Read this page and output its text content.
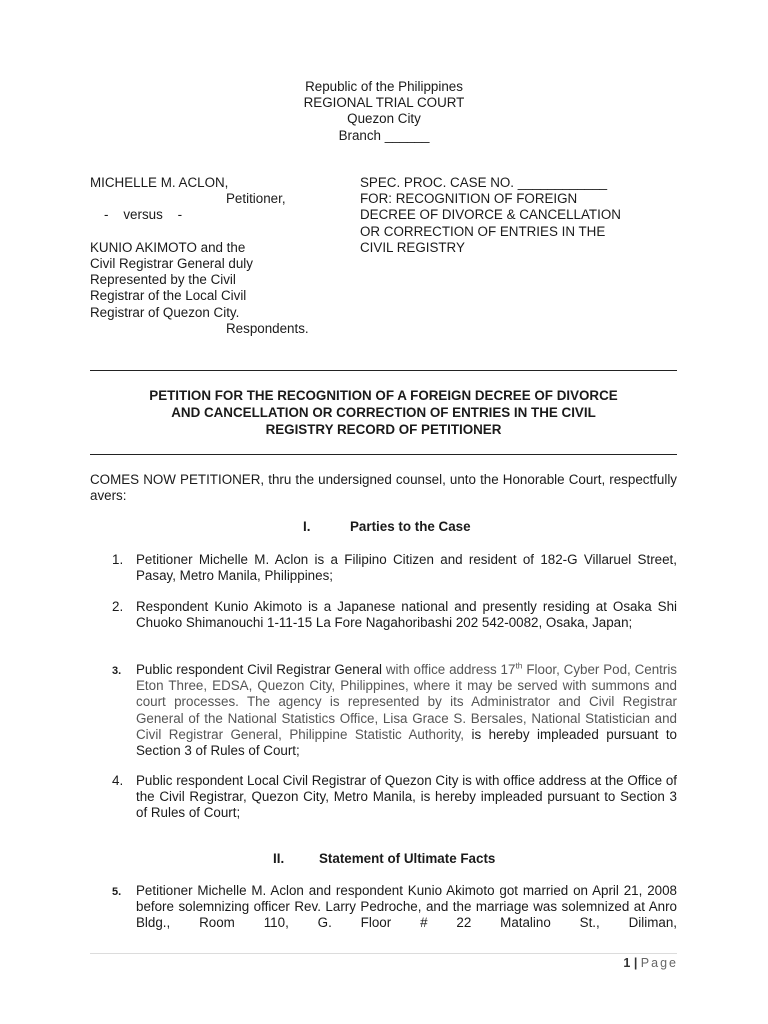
Republic of the Philippines
REGIONAL TRIAL COURT
Quezon City
Branch ______
MICHELLE M. ACLON,
Petitioner,
-    versus    -
KUNIO AKIMOTO and the
Civil Registrar General duly
Represented by the Civil
Registrar of the Local Civil
Registrar of Quezon City.
Respondents.
SPEC. PROC. CASE NO. ____________
FOR: RECOGNITION OF FOREIGN
DECREE OF DIVORCE & CANCELLATION
OR CORRECTION OF ENTRIES IN THE
CIVIL REGISTRY
PETITION FOR THE RECOGNITION OF A FOREIGN DECREE OF DIVORCE
AND CANCELLATION OR CORRECTION OF ENTRIES IN THE CIVIL
REGISTRY RECORD OF PETITIONER
COMES NOW PETITIONER, thru the undersigned counsel, unto the Honorable Court, respectfully avers:
I.	Parties to the Case
1. Petitioner Michelle M. Aclon is a Filipino Citizen and resident of 182-G Villaruel Street, Pasay, Metro Manila, Philippines;
2. Respondent Kunio Akimoto is a Japanese national and presently residing at Osaka Shi Chuoko Shimanouchi 1-11-15 La Fore Nagahoribashi 202 542-0082, Osaka, Japan;
3. Public respondent Civil Registrar General with office address 17th Floor, Cyber Pod, Centris Eton Three, EDSA, Quezon City, Philippines, where it may be served with summons and court processes. The agency is represented by its Administrator and Civil Registrar General of the National Statistics Office, Lisa Grace S. Bersales, National Statistician and Civil Registrar General, Philippine Statistic Authority, is hereby impleaded pursuant to Section 3 of Rules of Court;
4. Public respondent Local Civil Registrar of Quezon City is with office address at the Office of the Civil Registrar, Quezon City, Metro Manila, is hereby impleaded pursuant to Section 3 of Rules of Court;
II.	Statement of Ultimate Facts
5. Petitioner Michelle M. Aclon and respondent Kunio Akimoto got married on April 21, 2008 before solemnizing officer Rev. Larry Pedroche, and the marriage was solemnized at Anro Bldg., Room 110, G. Floor # 22 Matalino St., Diliman,
1 | Page
